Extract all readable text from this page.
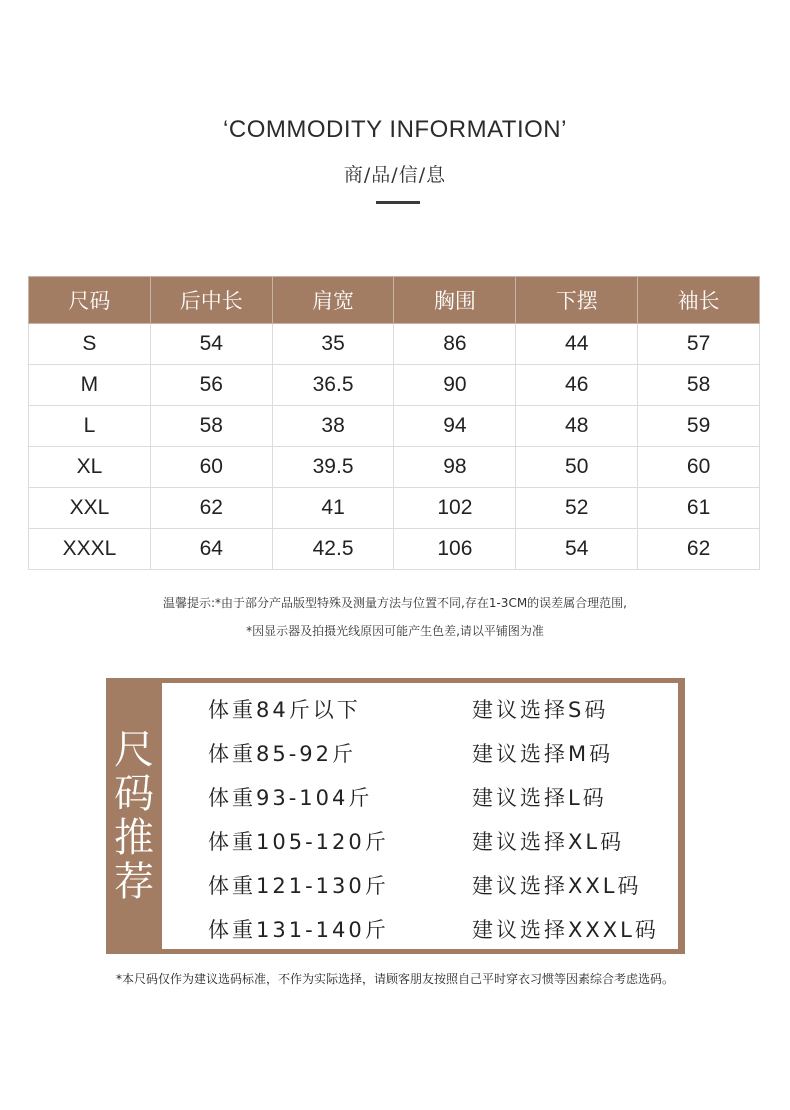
‘COMMODITY INFORMATION’
商/品/信/息
尺码	后中长	肩宽	胸围	下摆	袖长
S	54	35	86	44	57
M	56	36.5	90	46	58
L	58	38	94	48	59
XL	60	39.5	98	50	60
XXL	62	41	102	52	61
XXXL	64	42.5	106	54	62
温馨提示:*由于部分产品版型特殊及测量方法与位置不同,存在1-3CM的误差属合理范围,
*因显示器及拍摄光线原因可能产生色差,请以平铺图为准
尺
码
推
荐
体重84斤以下	建议选择S码
体重85-92斤	建议选择M码
体重93-104斤	建议选择L码
体重105-120斤	建议选择XL码
体重121-130斤	建议选择XXL码
体重131-140斤	建议选择XXXL码
*本尺码仅作为建议选码标准，不作为实际选择，请顾客朋友按照自己平时穿衣习惯等因素综合考虑选码。
